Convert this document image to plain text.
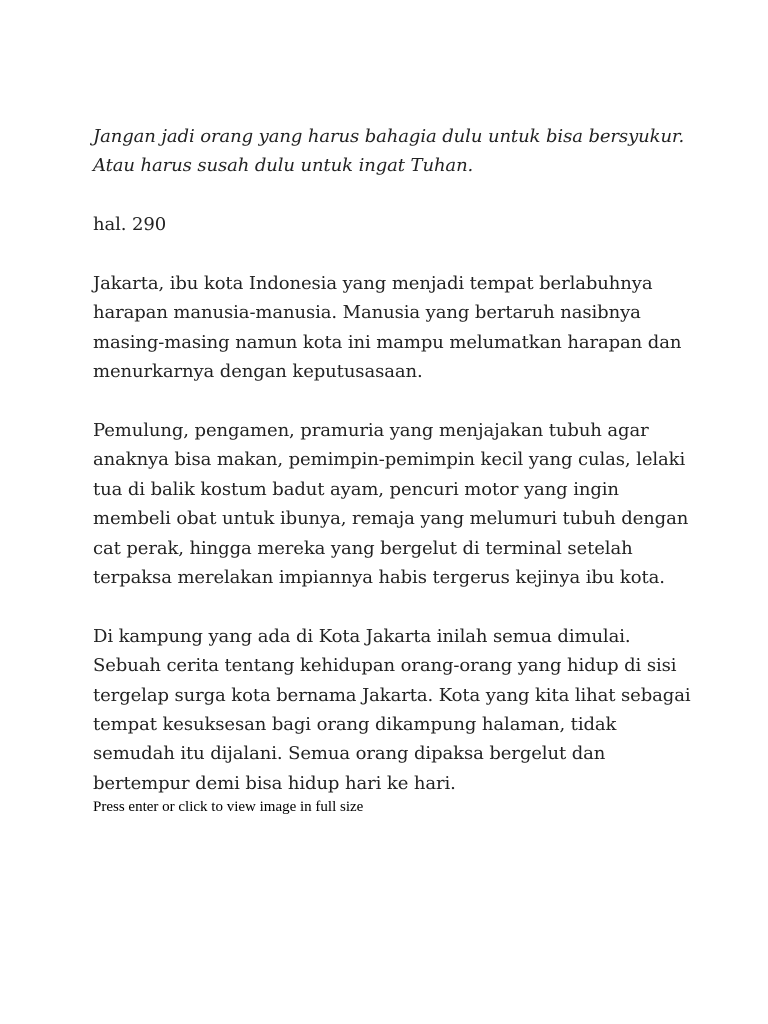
Jangan jadi orang yang harus bahagia dulu untuk bisa bersyukur. Atau harus susah dulu untuk ingat Tuhan.

hal. 290

Jakarta, ibu kota Indonesia yang menjadi tempat berlabuhnya harapan manusia-manusia. Manusia yang bertaruh nasibnya masing-masing namun kota ini mampu melumatkan harapan dan menurkarnya dengan keputusasaan.

Pemulung, pengamen, pramuria yang menjajakan tubuh agar anaknya bisa makan, pemimpin-pemimpin kecil yang culas, lelaki tua di balik kostum badut ayam, pencuri motor yang ingin membeli obat untuk ibunya, remaja yang melumuri tubuh dengan cat perak, hingga mereka yang bergelut di terminal setelah terpaksa merelakan impiannya habis tergerus kejinya ibu kota.

Di kampung yang ada di Kota Jakarta inilah semua dimulai. Sebuah cerita tentang kehidupan orang-orang yang hidup di sisi tergelap surga kota bernama Jakarta. Kota yang kita lihat sebagai tempat kesuksesan bagi orang dikampung halaman, tidak semudah itu dijalani. Semua orang dipaksa bergelut dan bertempur demi bisa hidup hari ke hari.

Press enter or click to view image in full size
